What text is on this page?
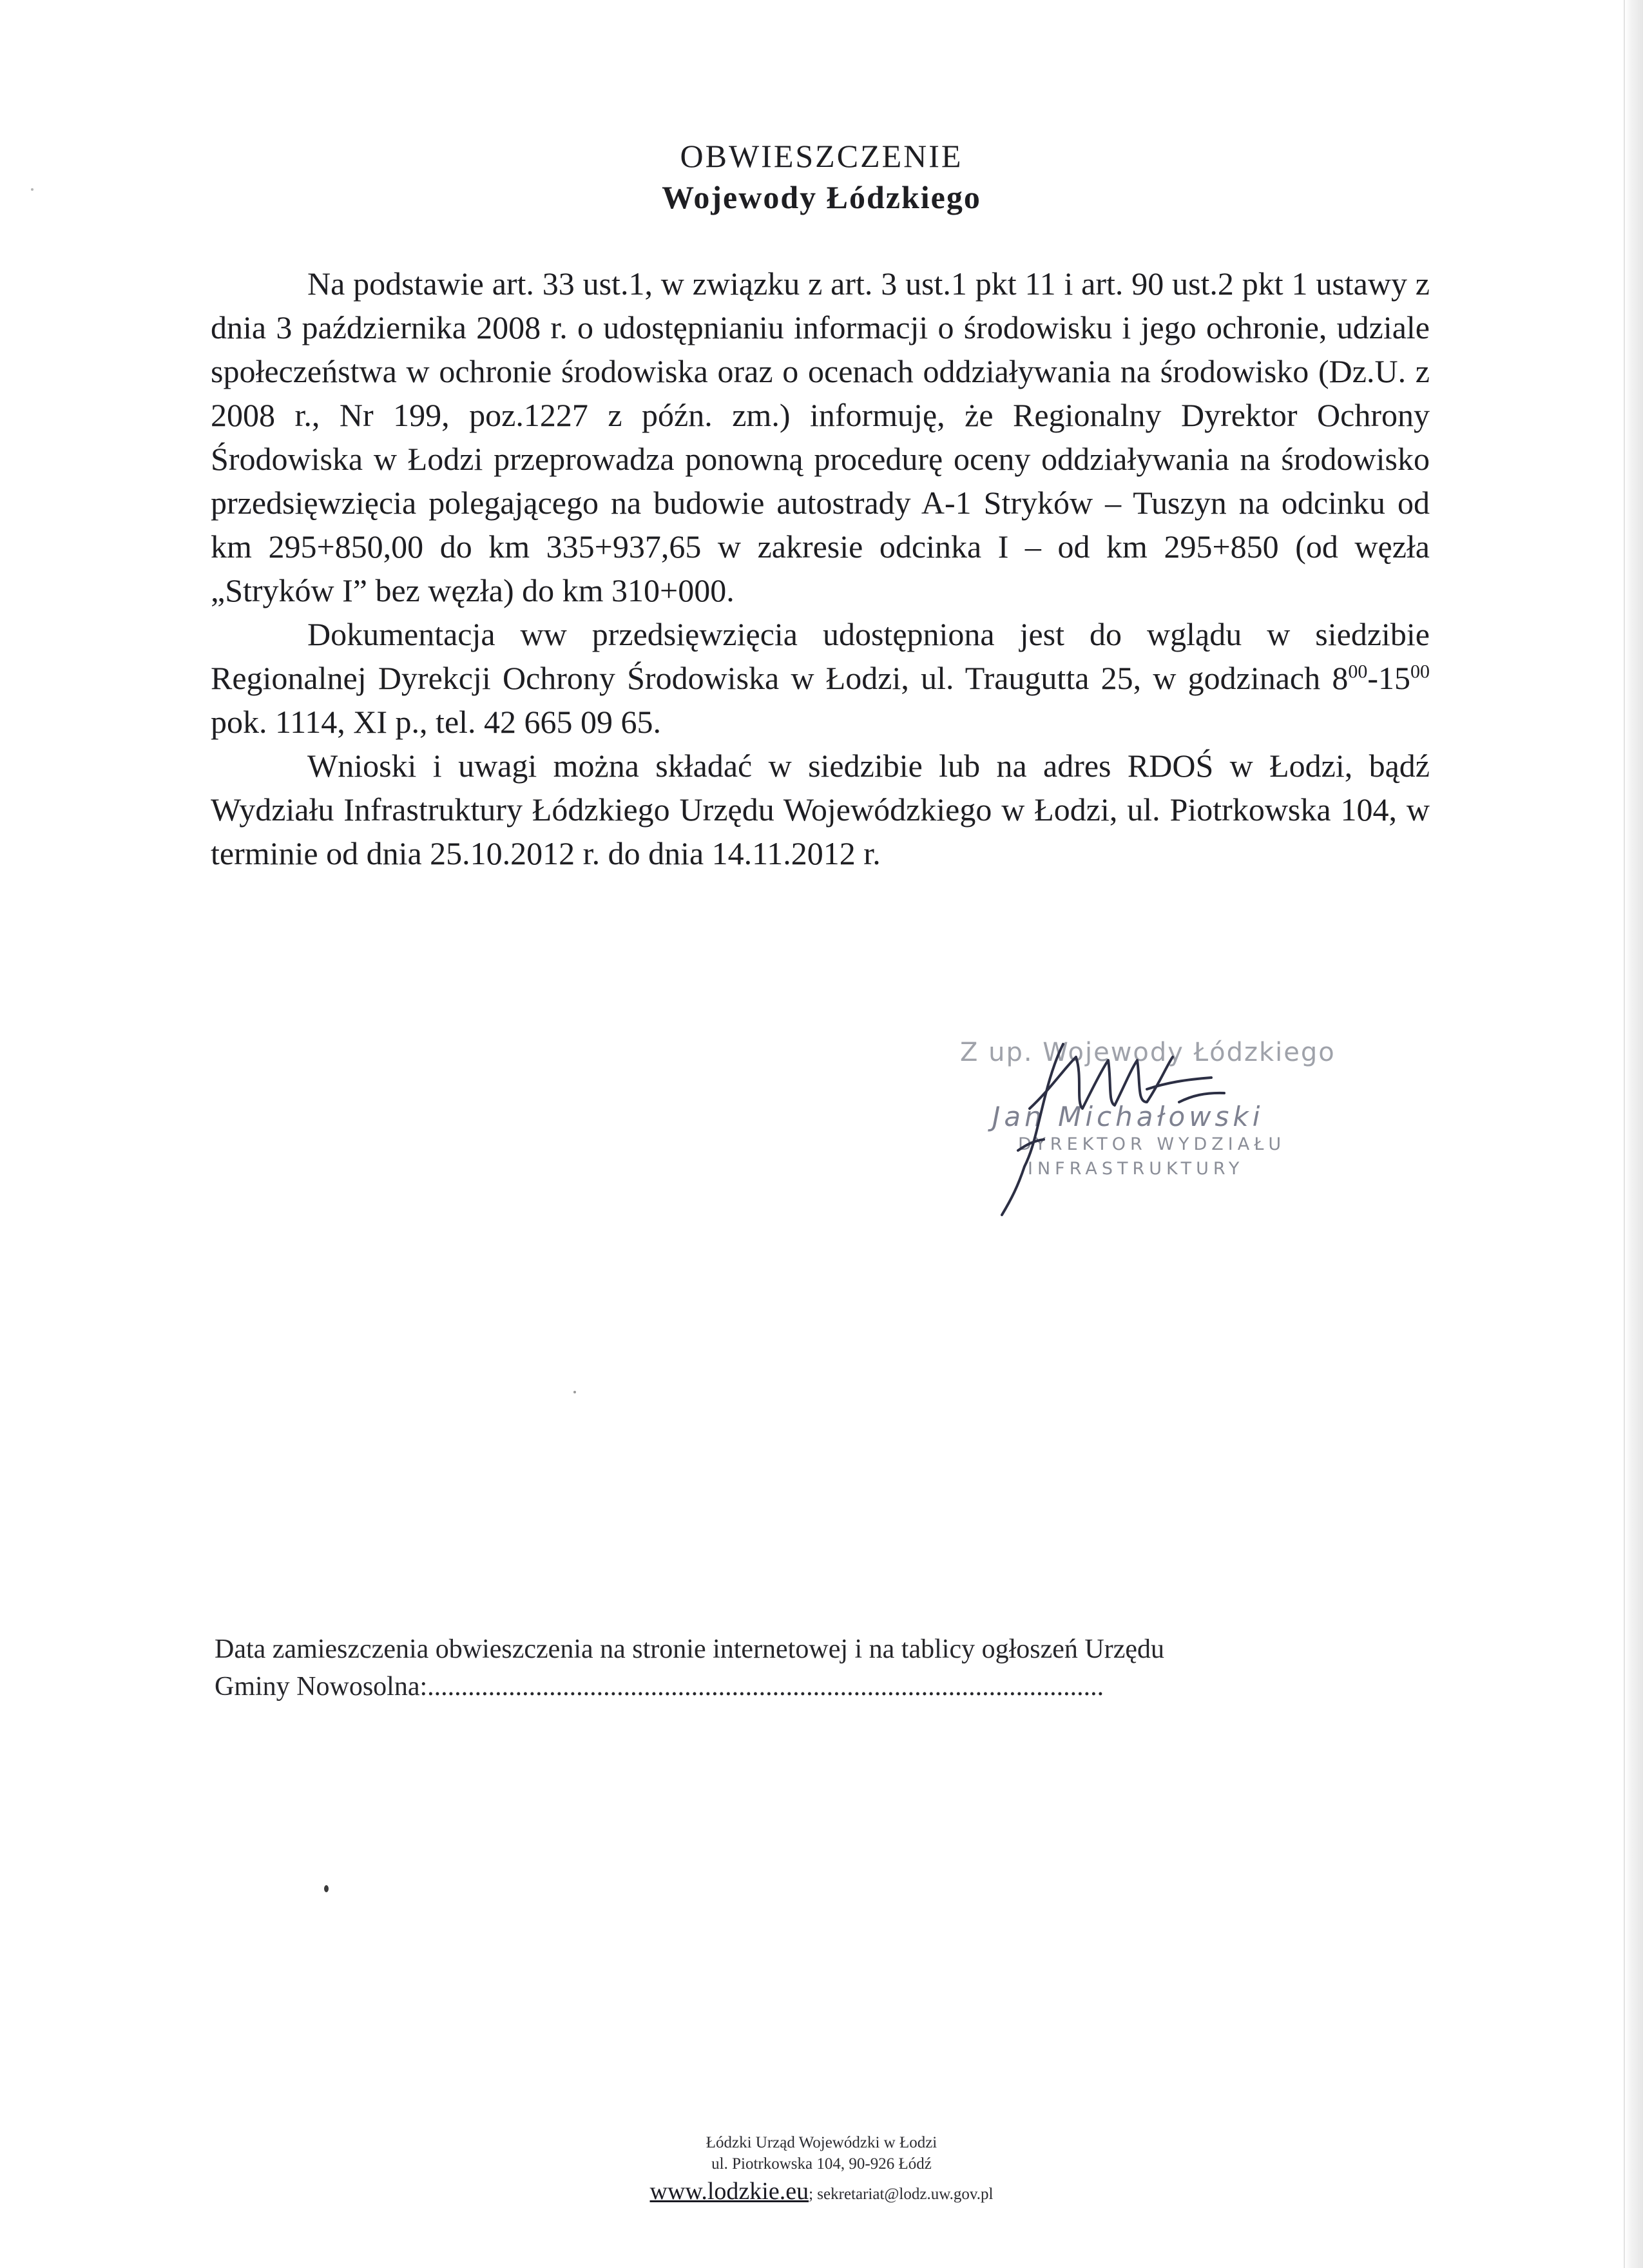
OBWIESZCZENIE
Wojewody Łódzkiego

Na podstawie art. 33 ust.1, w związku z art. 3 ust.1 pkt 11 i art. 90 ust.2 pkt 1 ustawy z dnia 3 października 2008 r. o udostępnianiu informacji o środowisku i jego ochronie, udziale społeczeństwa w ochronie środowiska oraz o ocenach oddziaływania na środowisko (Dz.U. z 2008 r., Nr 199, poz.1227 z późn. zm.) informuję, że Regionalny Dyrektor Ochrony Środowiska w Łodzi przeprowadza ponowną procedurę oceny oddziaływania na środowisko przedsięwzięcia polegającego na budowie autostrady A-1 Stryków – Tuszyn na odcinku od km 295+850,00 do km 335+937,65 w zakresie odcinka I – od km 295+850 (od węzła „Stryków I” bez węzła) do km 310+000.

Dokumentacja ww przedsięwzięcia udostępniona jest do wglądu w siedzibie Regionalnej Dyrekcji Ochrony Środowiska w Łodzi, ul. Traugutta 25, w godzinach $8^{00}-15^{00}$ pok. 1114, XI p., tel. 42 665 09 65.

Wnioski i uwagi można składać w siedzibie lub na adres RDOŚ w Łodzi, bądź Wydziału Infrastruktury Łódzkiego Urzędu Wojewódzkiego w Łodzi, ul. Piotrkowska 104, w terminie od dnia 25.10.2012 r. do dnia 14.11.2012 r.

Z up. Wojewody Łódzkiego
Jan Michałowski
DYREKTOR WYDZIAŁU
INFRASTRUKTURY

Data zamieszczenia obwieszczenia na stronie internetowej i na tablicy ogłoszeń Urzędu

Gminy Nowosolna:....................................................................................................

Łódzki Urząd Wojewódzki w Łodzi
ul. Piotrkowska 104, 90-926 Łódź
www.lodzkie.eu; sekretariat@lodz.uw.gov.pl
